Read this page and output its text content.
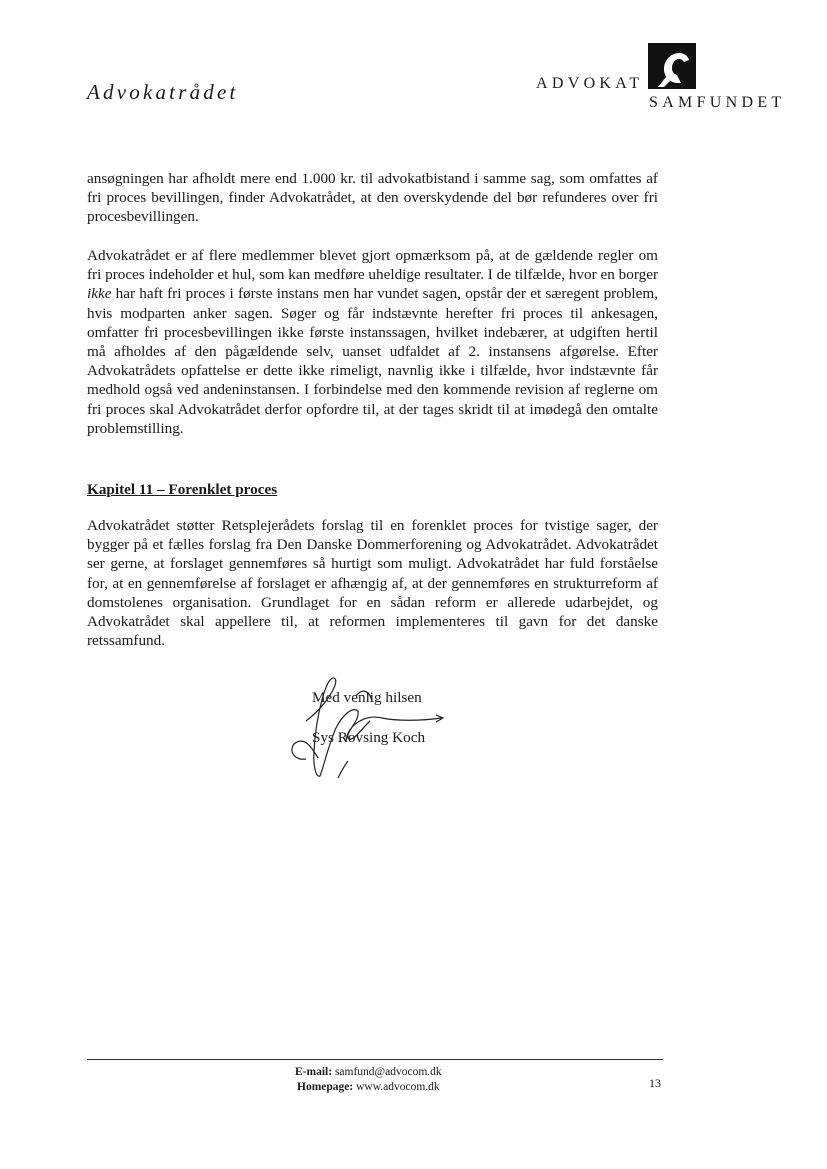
Advokatrådet	ADVOKAT
SAMFUNDET

ansøgningen har afholdt mere end 1.000 kr. til advokatbistand i samme sag, som omfattes af fri proces bevillingen, finder Advokatrådet, at den overskydende del bør refunderes over fri procesbevillingen.

Advokatrådet er af flere medlemmer blevet gjort opmærksom på, at de gældende regler om fri proces indeholder et hul, som kan medføre uheldige resultater. I de tilfælde, hvor en borger ikke har haft fri proces i første instans men har vundet sagen, opstår der et særegent problem, hvis modparten anker sagen. Søger og får indstævnte herefter fri proces til ankesagen, omfatter fri procesbevillingen ikke første instanssagen, hvilket indebærer, at udgiften hertil må afholdes af den pågældende selv, uanset udfaldet af 2. instansens afgørelse. Efter Advokatrådets opfattelse er dette ikke rimeligt, navnlig ikke i tilfælde, hvor indstævnte får medhold også ved andeninstansen. I forbindelse med den kommende revision af reglerne om fri proces skal Advokatrådet derfor opfordre til, at der tages skridt til at imødegå den omtalte problemstilling.

Kapitel 11 – Forenklet proces

Advokatrådet støtter Retsplejerådets forslag til en forenklet proces for tvistige sager, der bygger på et fælles forslag fra Den Danske Dommerforening og Advokatrådet. Advokatrådet ser gerne, at forslaget gennemføres så hurtigt som muligt. Advokatrådet har fuld forståelse for, at en gennemførelse af forslaget er afhængig af, at der gennemføres en strukturreform af domstolenes organisation. Grundlaget for en sådan reform er allerede udarbejdet, og Advokatrådet skal appellere til, at reformen implementeres til gavn for det danske retssamfund.

Med venlig hilsen
Sys Rovsing Koch
E-mail: samfund@advocom.dk
Homepage: www.advocom.dk	13
